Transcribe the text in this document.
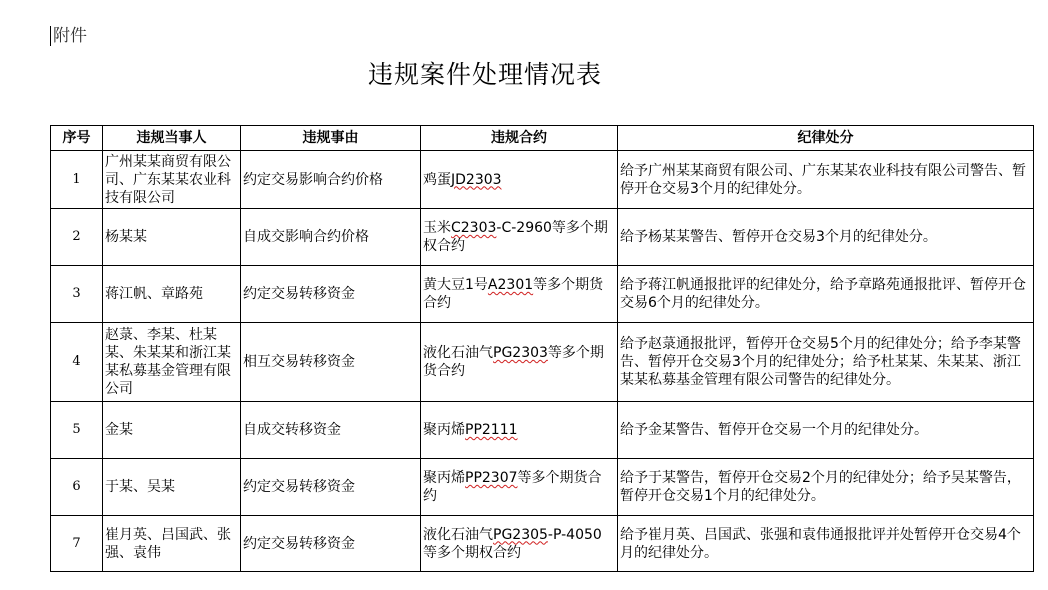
附件
违规案件处理情况表
序号	违规当事人	违规事由	违规合约	纪律处分
1	广州某某商贸有限公司、广东某某农业科技有限公司	约定交易影响合约价格	鸡蛋JD2303	给予广州某某商贸有限公司、广东某某农业科技有限公司警告、暂停开仓交易3个月的纪律处分。
2	杨某某	自成交影响合约价格	玉米C2303-C-2960等多个期权合约	给予杨某某警告、暂停开仓交易3个月的纪律处分。
3	蒋江帆、章路苑	约定交易转移资金	黄大豆1号A2301等多个期货合约	给予蒋江帆通报批评的纪律处分，给予章路苑通报批评、暂停开仓交易6个月的纪律处分。
4	赵菉、李某、杜某某、朱某某和浙江某某私募基金管理有限公司	相互交易转移资金	液化石油气PG2303等多个期货合约	给予赵菉通报批评，暂停开仓交易5个月的纪律处分；给予李某警告、暂停开仓交易3个月的纪律处分；给予杜某某、朱某某、浙江某某私募基金管理有限公司警告的纪律处分。
5	金某	自成交转移资金	聚丙烯PP2111	给予金某警告、暂停开仓交易一个月的纪律处分。
6	于某、吴某	约定交易转移资金	聚丙烯PP2307等多个期货合约	给予于某警告，暂停开仓交易2个月的纪律处分；给予吴某警告，暂停开仓交易1个月的纪律处分。
7	崔月英、吕国武、张强、袁伟	约定交易转移资金	液化石油气PG2305-P-4050等多个期权合约	给予崔月英、吕国武、张强和袁伟通报批评并处暂停开仓交易4个月的纪律处分。
